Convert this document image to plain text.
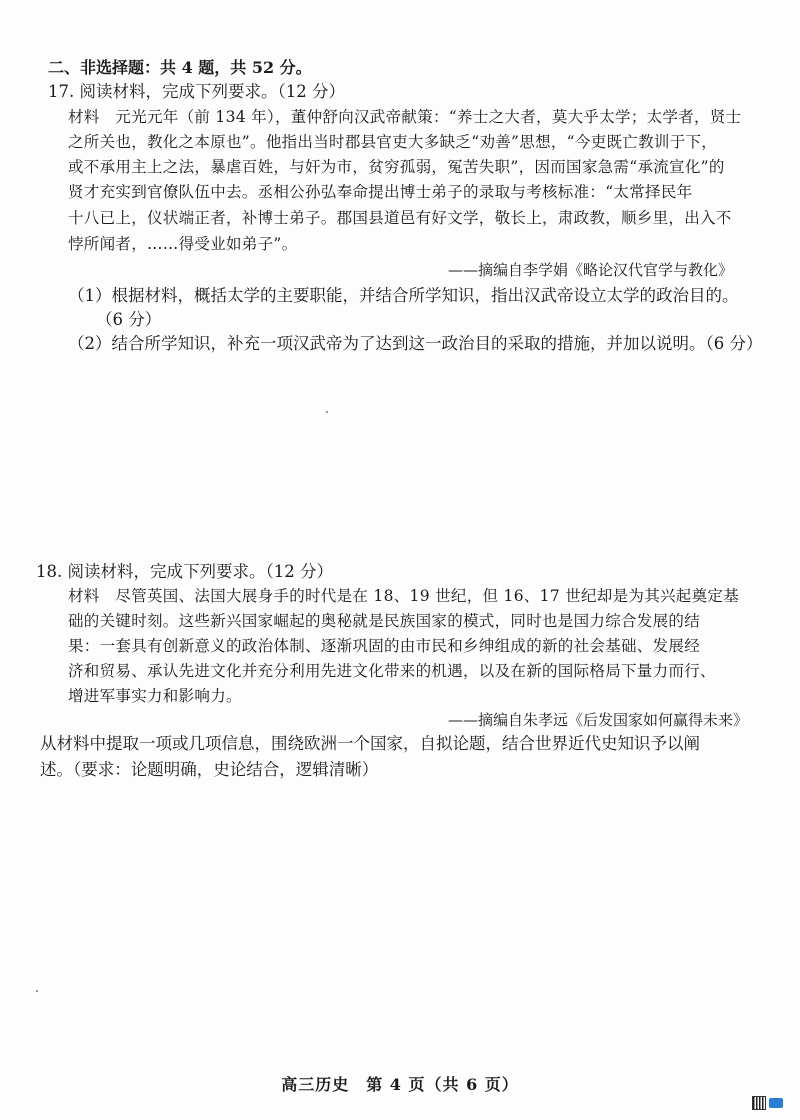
二、非选择题：共 4 题，共 52 分。
17. 阅读材料，完成下列要求。（12 分）
材料　元光元年（前 134 年），董仲舒向汉武帝献策：“养士之大者，莫大乎太学；太学者，贤士
之所关也，教化之本原也”。他指出当时郡县官吏大多缺乏“劝善”思想，“今吏既亡教训于下，
或不承用主上之法，暴虐百姓，与奸为市，贫穷孤弱，冤苦失职”，因而国家急需“承流宣化”的
贤才充实到官僚队伍中去。丞相公孙弘奉命提出博士弟子的录取与考核标准：“太常择民年
十八已上，仪状端正者，补博士弟子。郡国县道邑有好文学，敬长上，肃政教，顺乡里，出入不
悖所闻者，……得受业如弟子”。
——摘编自李学娟《略论汉代官学与教化》
（1）根据材料，概括太学的主要职能，并结合所学知识，指出汉武帝设立太学的政治目的。
（6 分）
（2）结合所学知识，补充一项汉武帝为了达到这一政治目的采取的措施，并加以说明。（6 分）
18. 阅读材料，完成下列要求。（12 分）
材料　尽管英国、法国大展身手的时代是在 18、19 世纪，但 16、17 世纪却是为其兴起奠定基
础的关键时刻。这些新兴国家崛起的奥秘就是民族国家的模式，同时也是国力综合发展的结
果：一套具有创新意义的政治体制、逐渐巩固的由市民和乡绅组成的新的社会基础、发展经
济和贸易、承认先进文化并充分利用先进文化带来的机遇，以及在新的国际格局下量力而行、
增进军事实力和影响力。
——摘编自朱孝远《后发国家如何赢得未来》
从材料中提取一项或几项信息，围绕欧洲一个国家，自拟论题，结合世界近代史知识予以阐
述。（要求：论题明确，史论结合，逻辑清晰）
高三历史　第 4 页（共 6 页）
